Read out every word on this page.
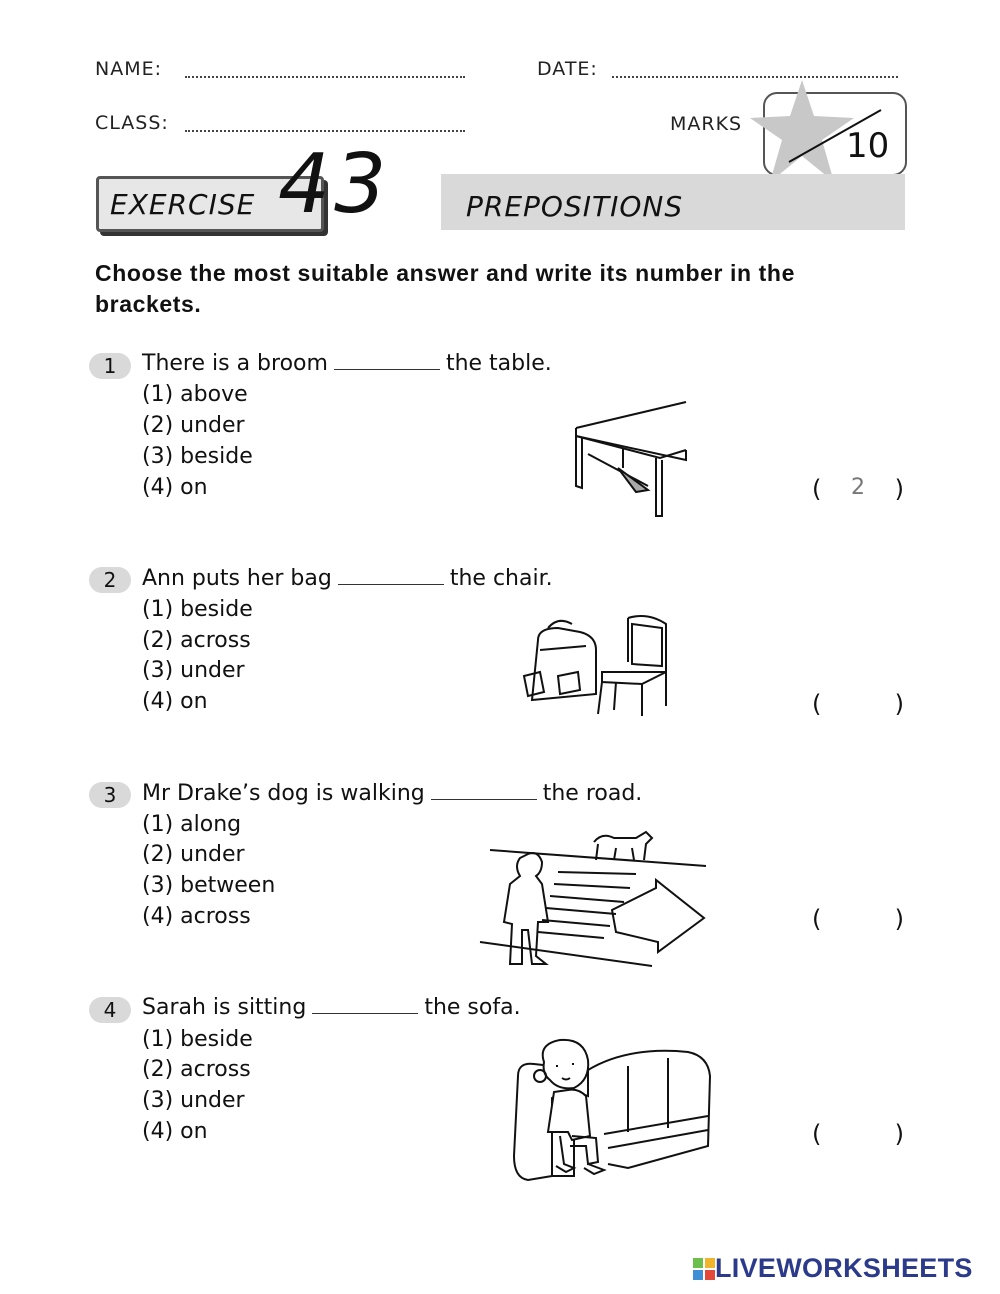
NAME:	DATE:
CLASS:	MARKS
10
EXERCISE 43	PREPOSITIONS
Choose the most suitable answer and write its number in the brackets.
1	There is a broom	the table.
(1) above
(2) under
(3) beside
(4) on	( 2 )
2	Ann puts her bag	the chair.
(1) beside
(2) across
(3) under
(4) on	(	)
3	Mr Drake’s dog is walking	the road.
(1) along
(2) under
(3) between
(4) across	(	)
4	Sarah is sitting	the sofa.
(1) beside
(2) across
(3) under
(4) on	(	)
LIVEWORKSHEETS
